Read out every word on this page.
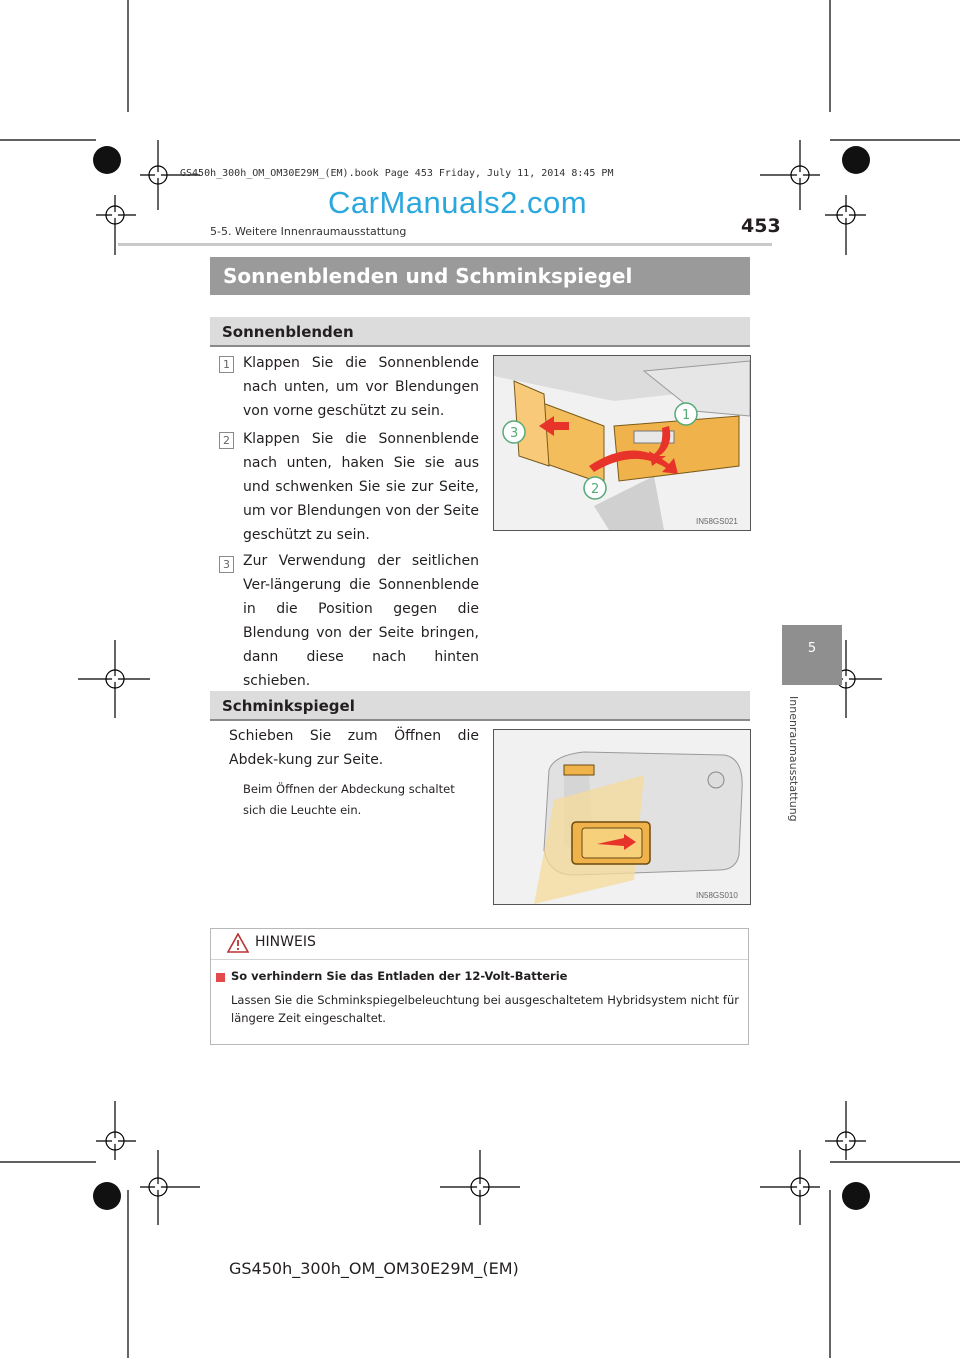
GS450h_300h_OM_OM30E29M_(EM).book Page 453 Friday, July 11, 2014 8:45 PM
CarManuals2.com
5-5. Weitere Innenraumausstattung	453
5
Innenraumausstattung
Sonnenblenden und Schminkspiegel
Sonnenblenden
1 Klappen Sie die Sonnenblende nach unten, um vor Blendungen von vorne geschützt zu sein.
2 Klappen Sie die Sonnenblende nach unten, haken Sie sie aus und schwenken Sie sie zur Seite, um vor Blendungen von der Seite geschützt zu sein.
3 Zur Verwendung der seitlichen Ver-längerung die Sonnenblende in die Position gegen die Blendung von der Seite bringen, dann diese nach hinten schieben.
1
2
3
IN58GS021
Schminkspiegel
Schieben Sie zum Öffnen die Abdek-kung zur Seite.
Beim Öffnen der Abdeckung schaltet sich die Leuchte ein.
IN58GS010
HINWEIS
So verhindern Sie das Entladen der 12-Volt-Batterie
Lassen Sie die Schminkspiegelbeleuchtung bei ausgeschaltetem Hybridsystem nicht für längere Zeit eingeschaltet.
GS450h_300h_OM_OM30E29M_(EM)
